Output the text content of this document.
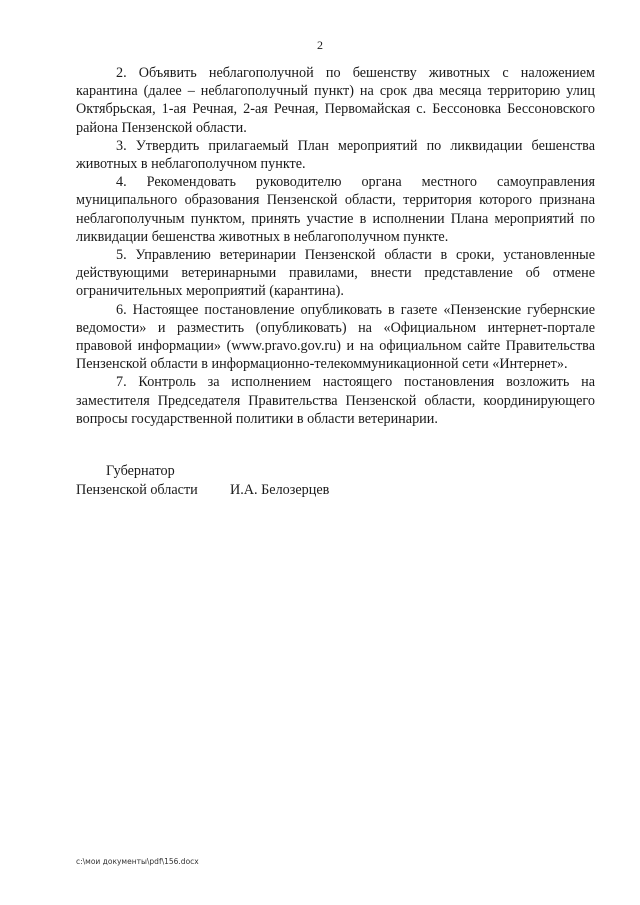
2

2. Объявить неблагополучной по бешенству животных с наложением карантина (далее – неблагополучный пункт) на срок два месяца территорию улиц Октябрьская, 1-ая Речная, 2-ая Речная, Первомайская с. Бессоновка Бессоновского района Пензенской области.

3. Утвердить прилагаемый План мероприятий по ликвидации бешенства животных в неблагополучном пункте.

4. Рекомендовать руководителю органа местного самоуправления муниципального образования Пензенской области, территория которого признана неблагополучным пунктом, принять участие в исполнении Плана мероприятий по ликвидации бешенства животных в неблагополучном пункте.

5. Управлению ветеринарии Пензенской области в сроки, установленные действующими ветеринарными правилами, внести представление об отмене ограничительных мероприятий (карантина).

6. Настоящее постановление опубликовать в газете «Пензенские губернские ведомости» и разместить (опубликовать) на «Официальном интернет-портале правовой информации» (www.pravo.gov.ru) и на официальном сайте Правительства Пензенской области в информационно-телекоммуникационной сети «Интернет».

7. Контроль за исполнением настоящего постановления возложить на заместителя Председателя Правительства Пензенской области, координирующего вопросы государственной политики в области ветеринарии.

Губернатор
Пензенской области	И.А. Белозерцев
c:\мои документы\pdf\156.docx
